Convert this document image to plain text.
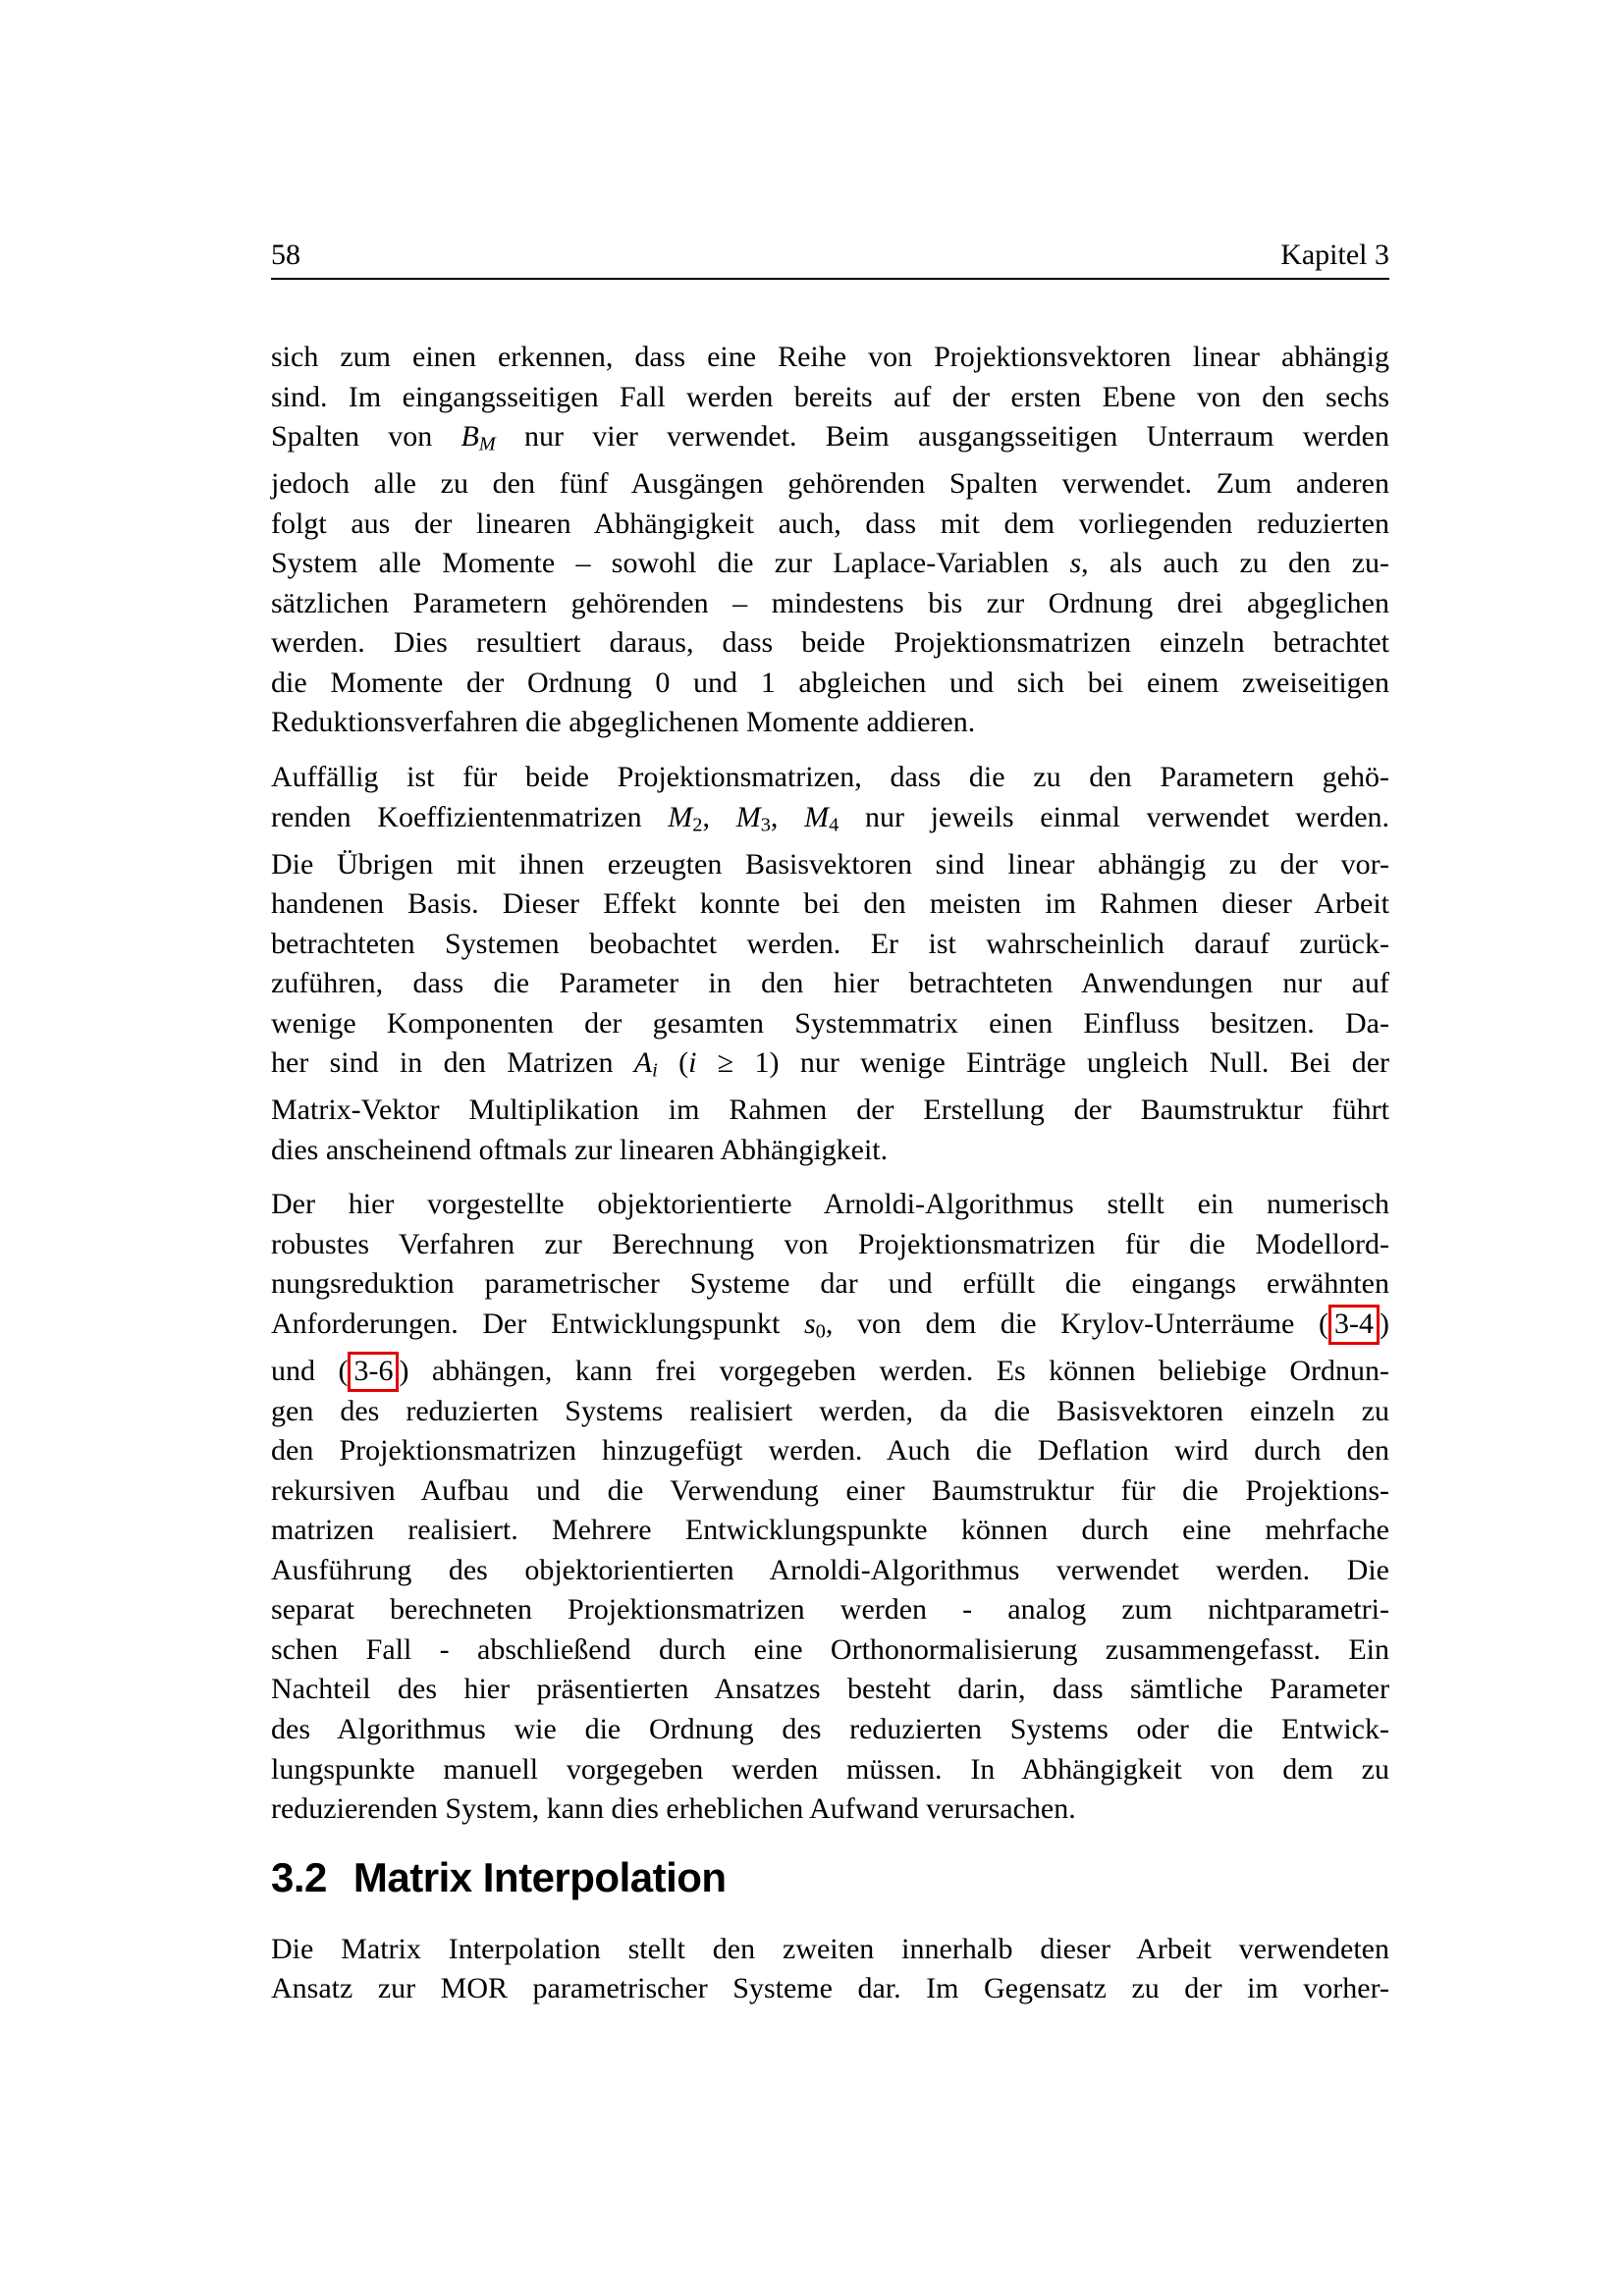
58	Kapitel 3
sich zum einen erkennen, dass eine Reihe von Projektionsvektoren linear abhängig
sind. Im eingangsseitigen Fall werden bereits auf der ersten Ebene von den sechs
Spalten von $B_M$ nur vier verwendet. Beim ausgangsseitigen Unterraum werden
jedoch alle zu den fünf Ausgängen gehörenden Spalten verwendet. Zum anderen
folgt aus der linearen Abhängigkeit auch, dass mit dem vorliegenden reduzierten
System alle Momente – sowohl die zur Laplace-Variablen s, als auch zu den zu-
sätzlichen Parametern gehörenden – mindestens bis zur Ordnung drei abgeglichen
werden. Dies resultiert daraus, dass beide Projektionsmatrizen einzeln betrachtet
die Momente der Ordnung 0 und 1 abgleichen und sich bei einem zweiseitigen
Reduktionsverfahren die abgeglichenen Momente addieren.
Auffällig ist für beide Projektionsmatrizen, dass die zu den Parametern gehö-
renden Koeffizientenmatrizen $M_2$, $M_3$, $M_4$ nur jeweils einmal verwendet werden.
Die Übrigen mit ihnen erzeugten Basisvektoren sind linear abhängig zu der vor-
handenen Basis. Dieser Effekt konnte bei den meisten im Rahmen dieser Arbeit
betrachteten Systemen beobachtet werden. Er ist wahrscheinlich darauf zurück-
zuführen, dass die Parameter in den hier betrachteten Anwendungen nur auf
wenige Komponenten der gesamten Systemmatrix einen Einfluss besitzen. Da-
her sind in den Matrizen $A_i$ (i ≥ 1) nur wenige Einträge ungleich Null. Bei der
Matrix-Vektor Multiplikation im Rahmen der Erstellung der Baumstruktur führt
dies anscheinend oftmals zur linearen Abhängigkeit.
Der hier vorgestellte objektorientierte Arnoldi-Algorithmus stellt ein numerisch
robustes Verfahren zur Berechnung von Projektionsmatrizen für die Modellord-
nungsreduktion parametrischer Systeme dar und erfüllt die eingangs erwähnten
Anforderungen. Der Entwicklungspunkt $s_0$, von dem die Krylov-Unterräume ( 3-4 )
und ( 3-6 ) abhängen, kann frei vorgegeben werden. Es können beliebige Ordnun-
gen des reduzierten Systems realisiert werden, da die Basisvektoren einzeln zu
den Projektionsmatrizen hinzugefügt werden. Auch die Deflation wird durch den
rekursiven Aufbau und die Verwendung einer Baumstruktur für die Projektions-
matrizen realisiert. Mehrere Entwicklungspunkte können durch eine mehrfache
Ausführung des objektorientierten Arnoldi-Algorithmus verwendet werden. Die
separat berechneten Projektionsmatrizen werden - analog zum nichtparametri-
schen Fall - abschließend durch eine Orthonormalisierung zusammengefasst. Ein
Nachteil des hier präsentierten Ansatzes besteht darin, dass sämtliche Parameter
des Algorithmus wie die Ordnung des reduzierten Systems oder die Entwick-
lungspunkte manuell vorgegeben werden müssen. In Abhängigkeit von dem zu
reduzierenden System, kann dies erheblichen Aufwand verursachen.
3.2 Matrix Interpolation
Die Matrix Interpolation stellt den zweiten innerhalb dieser Arbeit verwendeten
Ansatz zur MOR parametrischer Systeme dar. Im Gegensatz zu der im vorher-
